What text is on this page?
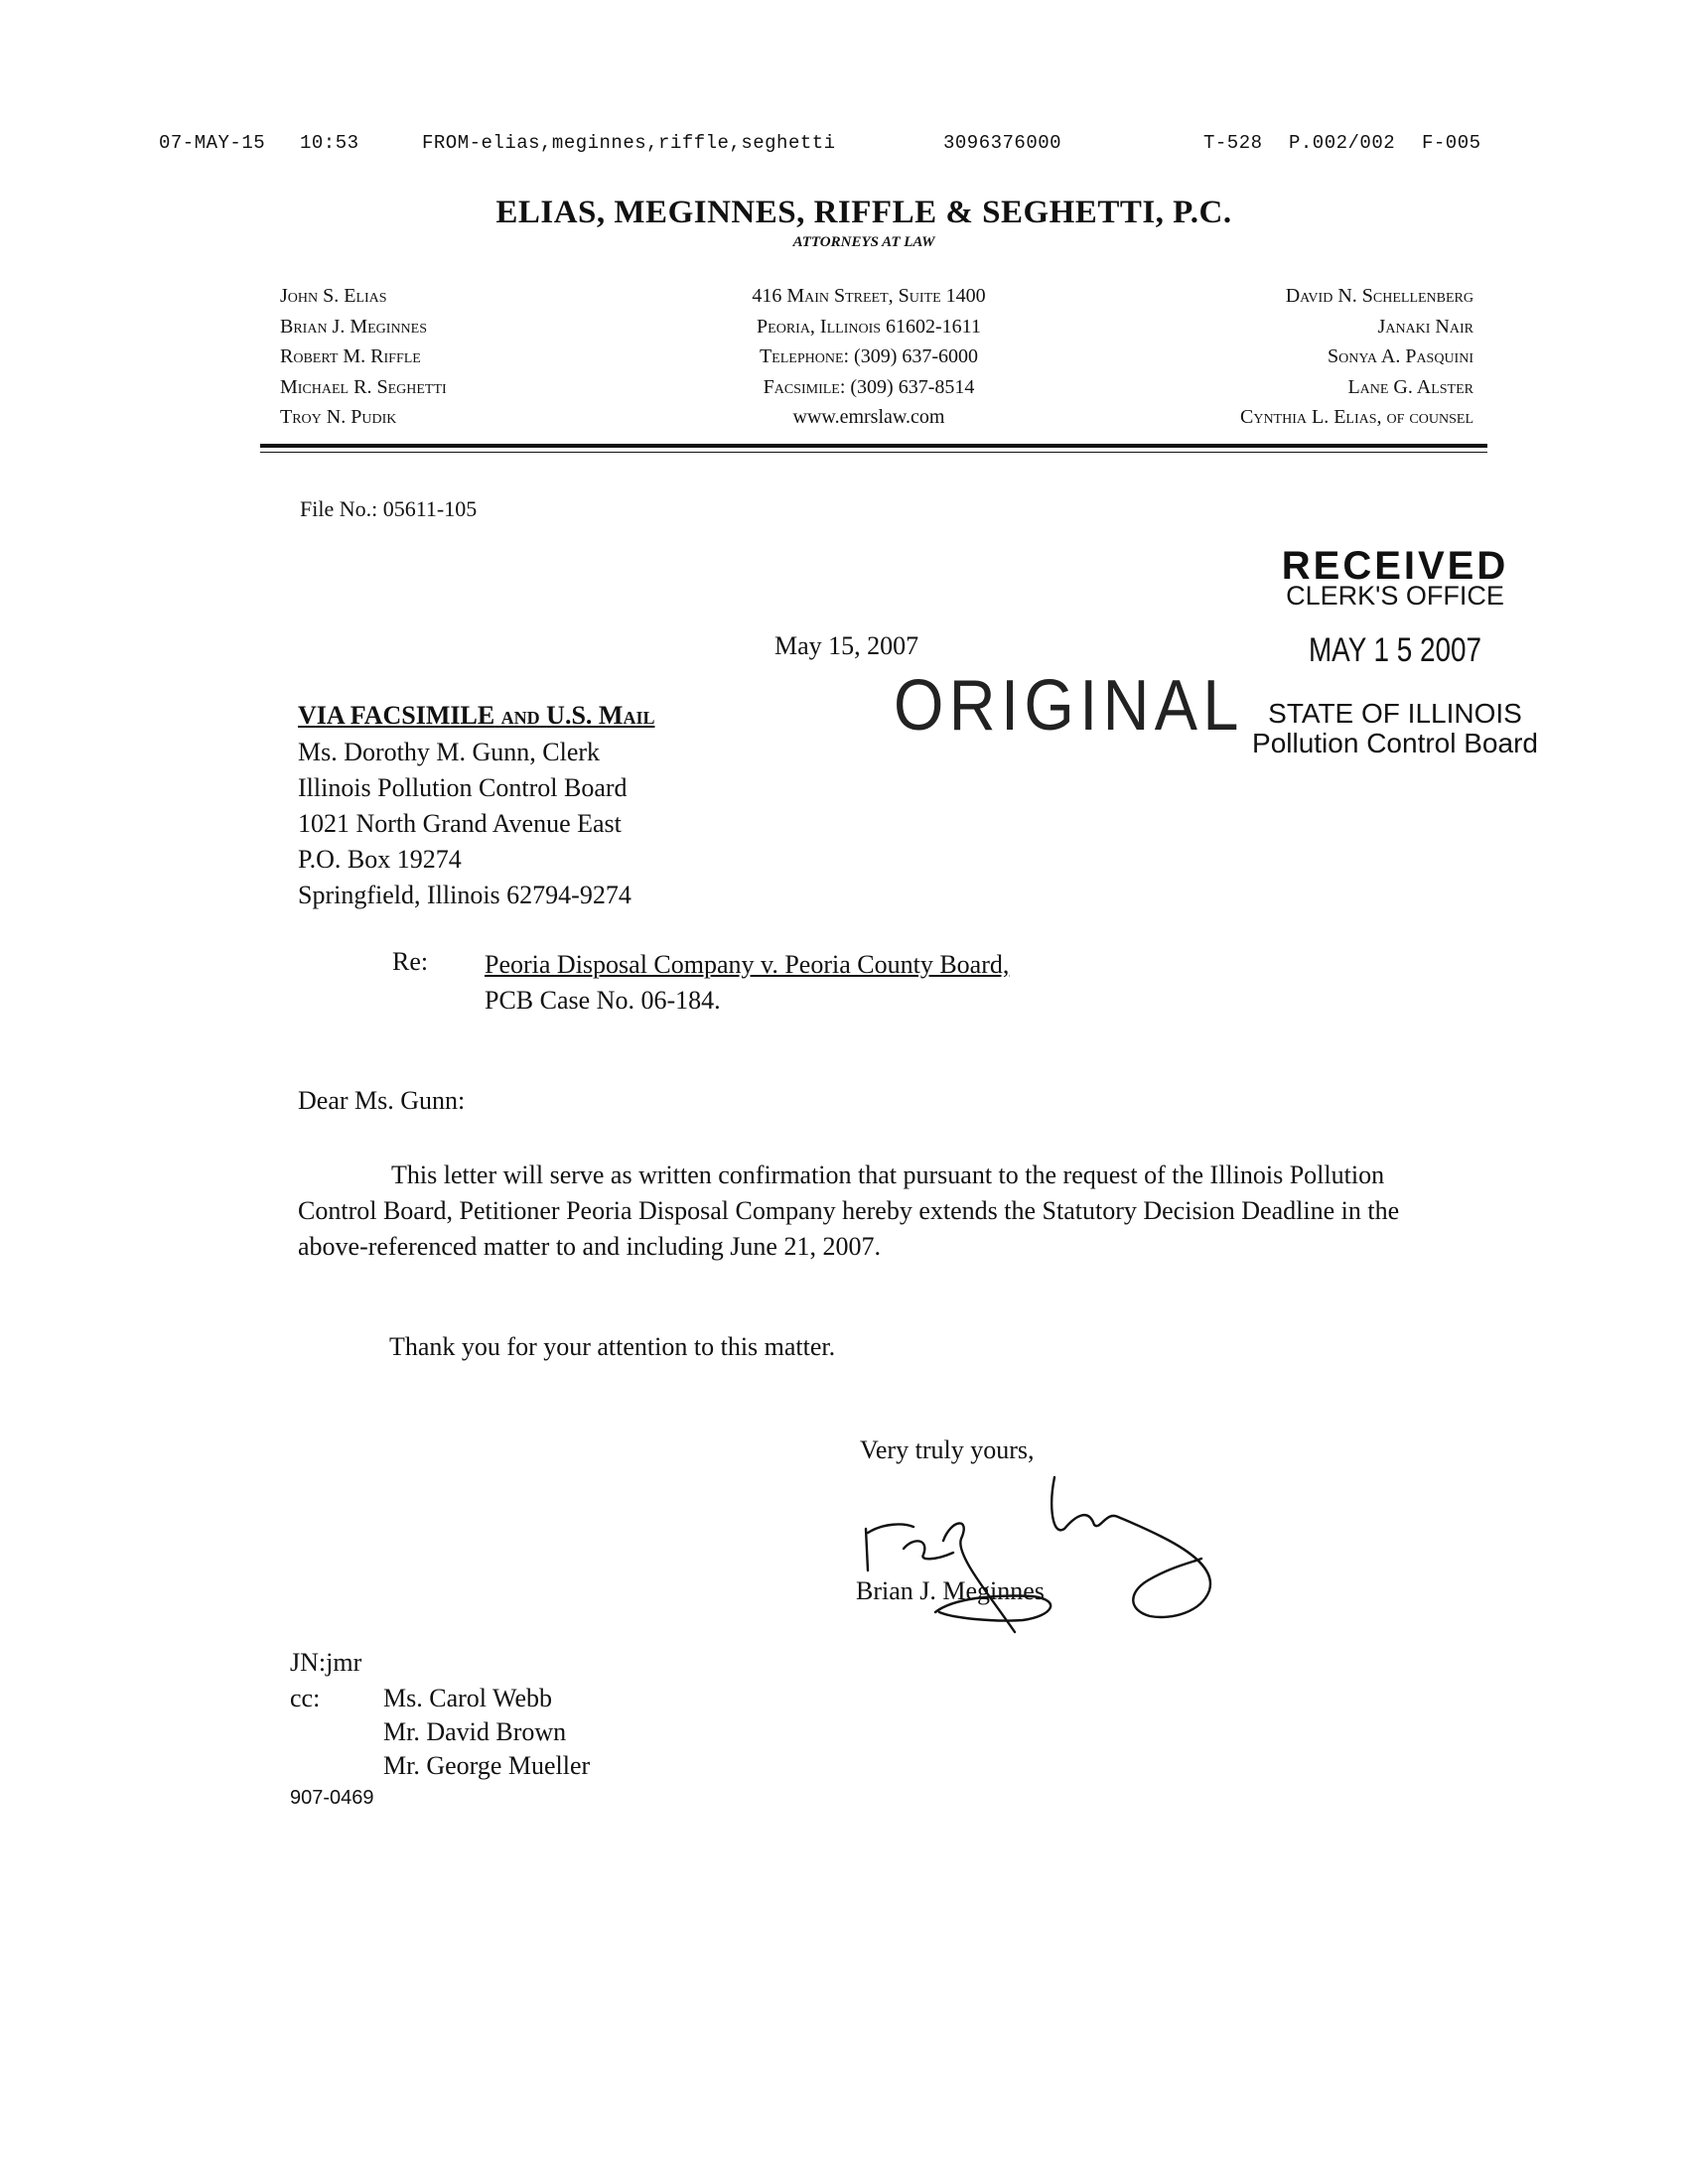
07-MAY-15 10:53	FROM-elias,meginnes,riffle,seghetti	3096376000	T-528 P.002/002 F-005
ELIAS, MEGINNES, RIFFLE & SEGHETTI, P.C.
ATTORNEYS AT LAW
John S. Elias
Brian J. Meginnes
Robert M. Riffle
Michael R. Seghetti
Troy N. Pudik
416 Main Street, Suite 1400
Peoria, Illinois 61602-1611
Telephone: (309) 637-6000
Facsimile: (309) 637-8514
www.emrslaw.com
David N. Schellenberg
Janaki Nair
Sonya A. Pasquini
Lane G. Alster
Cynthia L. Elias, of counsel
File No.: 05611-105
RECEIVED
CLERK'S OFFICE
MAY 1 5 2007
STATE OF ILLINOIS
Pollution Control Board
May 15, 2007
ORIGINAL
VIA FACSIMILE and U.S. Mail
Ms. Dorothy M. Gunn, Clerk
Illinois Pollution Control Board
1021 North Grand Avenue East
P.O. Box 19274
Springfield, Illinois 62794-9274
Re: Peoria Disposal Company v. Peoria County Board,
PCB Case No. 06-184.
Dear Ms. Gunn:
This letter will serve as written confirmation that pursuant to the request of the Illinois Pollution Control Board, Petitioner Peoria Disposal Company hereby extends the Statutory Decision Deadline in the above-referenced matter to and including June 21, 2007.
Thank you for your attention to this matter.
Very truly yours,
Brian J. Meginnes
JN:jmr
cc: Ms. Carol Webb
Mr. David Brown
Mr. George Mueller
907-0469
